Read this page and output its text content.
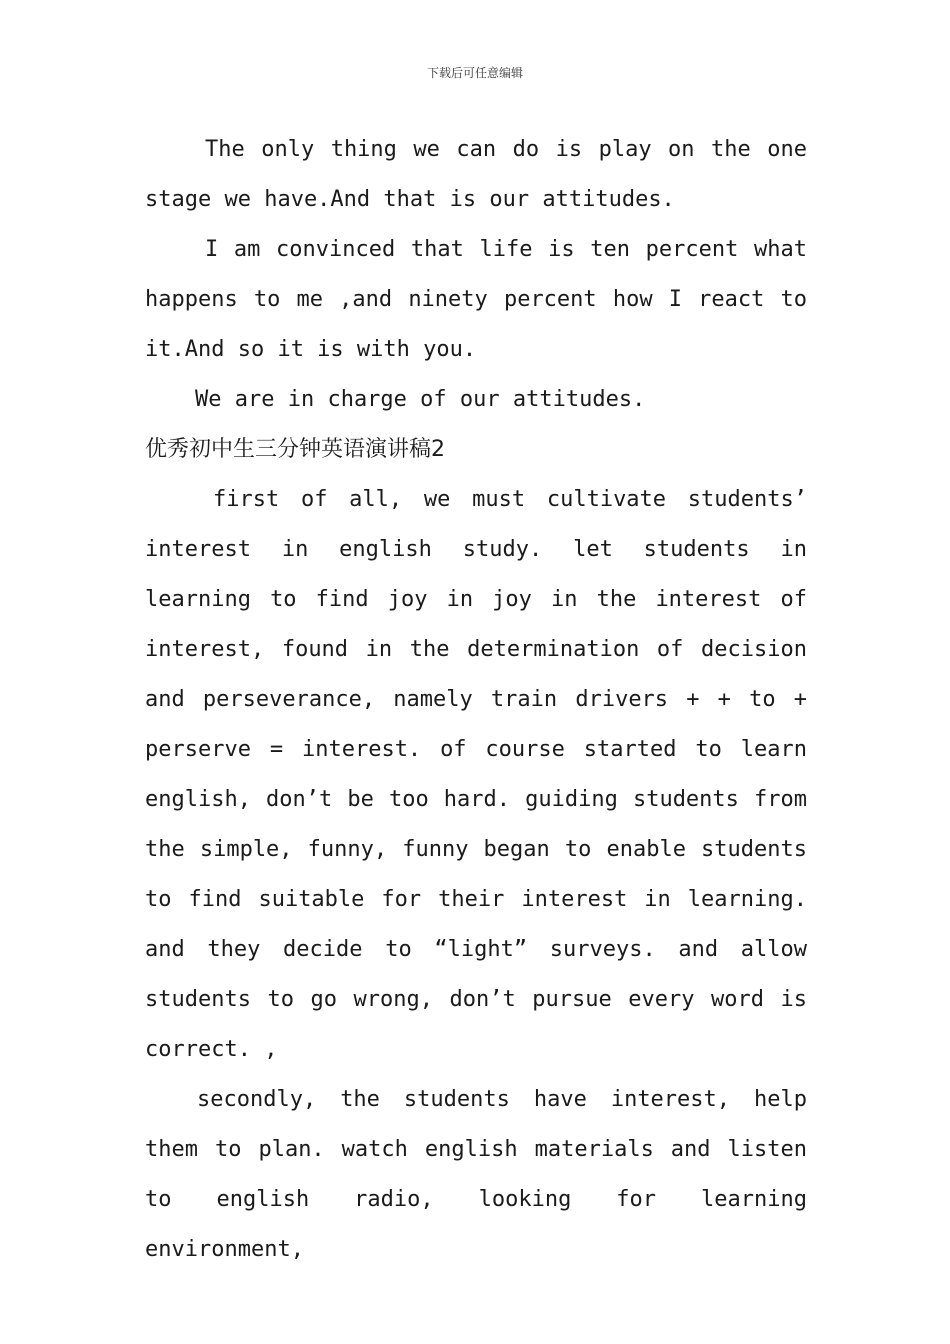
下载后可任意编辑

The only thing we can do is play on the one stage we have.And that is our attitudes.

I am convinced that life is ten percent what happens to me ,and ninety percent how I react to it.And so it is with you.

We are in charge of our attitudes.

优秀初中生三分钟英语演讲稿2

first of all, we must cultivate students’ interest in english study. let students in learning to find joy in joy in the interest of interest, found in the determination of decision and perseverance, namely train drivers + + to + perserve = interest. of course started to learn english, don’t be too hard. guiding students from the simple, funny, funny began to enable students to find suitable for their interest in learning. and they decide to “light” surveys. and allow students to go wrong, don’t pursue every word is correct. ,

secondly, the students have interest, help them to plan. watch english materials and listen to english radio, looking for learning environment,
